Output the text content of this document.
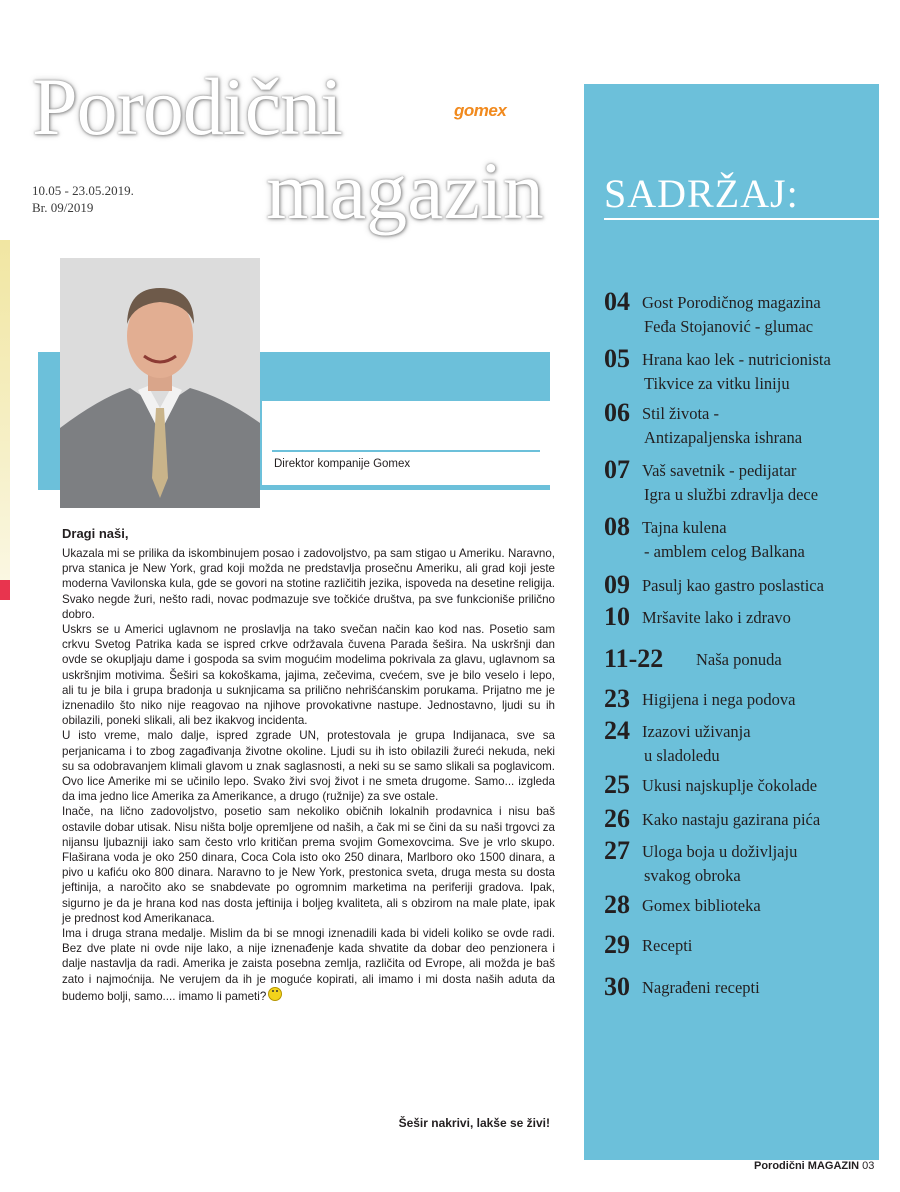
Porodični	gomex
magazin
10.05 - 23.05.2019.
Br. 09/2019
Goran Kovačević
Direktor kompanije Gomex
Dragi naši,

Ukazala mi se prilika da iskombinujem posao i zadovoljstvo, pa sam stigao u Ameriku. Naravno, prva stanica je New York, grad koji možda ne predstavlja prosečnu Ameriku, ali grad koji jeste moderna Vavilonska kula, gde se govori na stotine različitih jezika, ispoveda na desetine religija. Svako negde žuri, nešto radi, novac podmazuje sve točkiće društva, pa sve funkcioniše prilično dobro.

Uskrs se u Americi uglavnom ne proslavlja na tako svečan način kao kod nas. Posetio sam crkvu Svetog Patrika kada se ispred crkve održavala čuvena Parada šešira. Na uskršnji dan ovde se okupljaju dame i gospoda sa svim mogućim modelima pokrivala za glavu, uglavnom sa uskršnjim motivima. Šeširi sa kokoškama, jajima, zečevima, cvećem, sve je bilo veselo i lepo, ali tu je bila i grupa bradonja u suknjicama sa prilično nehrišćanskim porukama. Prijatno me je iznenadilo što niko nije reagovao na njihove provokativne nastupe. Jednostavno, ljudi su ih obilazili, poneki slikali, ali bez ikakvog incidenta.

U isto vreme, malo dalje, ispred zgrade UN, protestovala je grupa Indijanaca, sve sa perjanicama i to zbog zagađivanja životne okoline. Ljudi su ih isto obilazili žureći nekuda, neki su sa odobravanjem klimali glavom u znak saglasnosti, a neki su se samo slikali sa poglavicom. Ovo lice Amerike mi se učinilo lepo. Svako živi svoj život i ne smeta drugome. Samo... izgleda da ima jedno lice Amerika za Amerikance, a drugo (ružnije) za sve ostale.

Inače, na lično zadovoljstvo, posetio sam nekoliko običnih lokalnih prodavnica i nisu baš ostavile dobar utisak. Nisu ništa bolje opremljene od naših, a čak mi se čini da su naši trgovci za nijansu ljubazniji iako sam često vrlo kritičan prema svojim Gomexovcima. Sve je vrlo skupo. Flaširana voda je oko 250 dinara, Coca Cola isto oko 250 dinara, Marlboro oko 1500 dinara, a pivo u kafiću oko 800 dinara. Naravno to je New York, prestonica sveta, druga mesta su dosta jeftinija, a naročito ako se snabdevate po ogromnim marketima na periferiji gradova. Ipak, sigurno je da je hrana kod nas dosta jeftinija i boljeg kvaliteta, ali s obzirom na male plate, ipak je prednost kod Amerikanaca.

Ima i druga strana medalje. Mislim da bi se mnogi iznenadili kada bi videli koliko se ovde radi. Bez dve plate ni ovde nije lako, a nije iznenađenje kada shvatite da dobar deo penzionera i dalje nastavlja da radi. Amerika je zaista posebna zemlja, različita od Evrope, ali možda je baš zato i najmoćnija. Ne verujem da ih je moguće kopirati, ali imamo i mi dosta naših aduta da budemo bolji, samo.... imamo li pameti?

Šešir nakrivi, lakše se živi!
SADRŽAJ:
04 Gost Porodičnog magazina
Feđa Stojanović - glumac
05 Hrana kao lek - nutricionista
Tikvice za vitku liniju
06 Stil života -
Antizapaljenska ishrana
07 Vaš savetnik - pedijatar
Igra u službi zdravlja dece
08 Tajna kulena
- amblem celog Balkana
09 Pasulj kao gastro poslastica
10 Mršavite lako i zdravo
11-22 Naša ponuda
23 Higijena i nega podova
24 Izazovi uživanja
u sladoledu
25 Ukusi najskuplje čokolade
26 Kako nastaju gazirana pića
27 Uloga boja u doživljaju
svakog obroka
28 Gomex biblioteka
29 Recepti
30 Nagrađeni recepti
Porodični MAGAZIN 03
